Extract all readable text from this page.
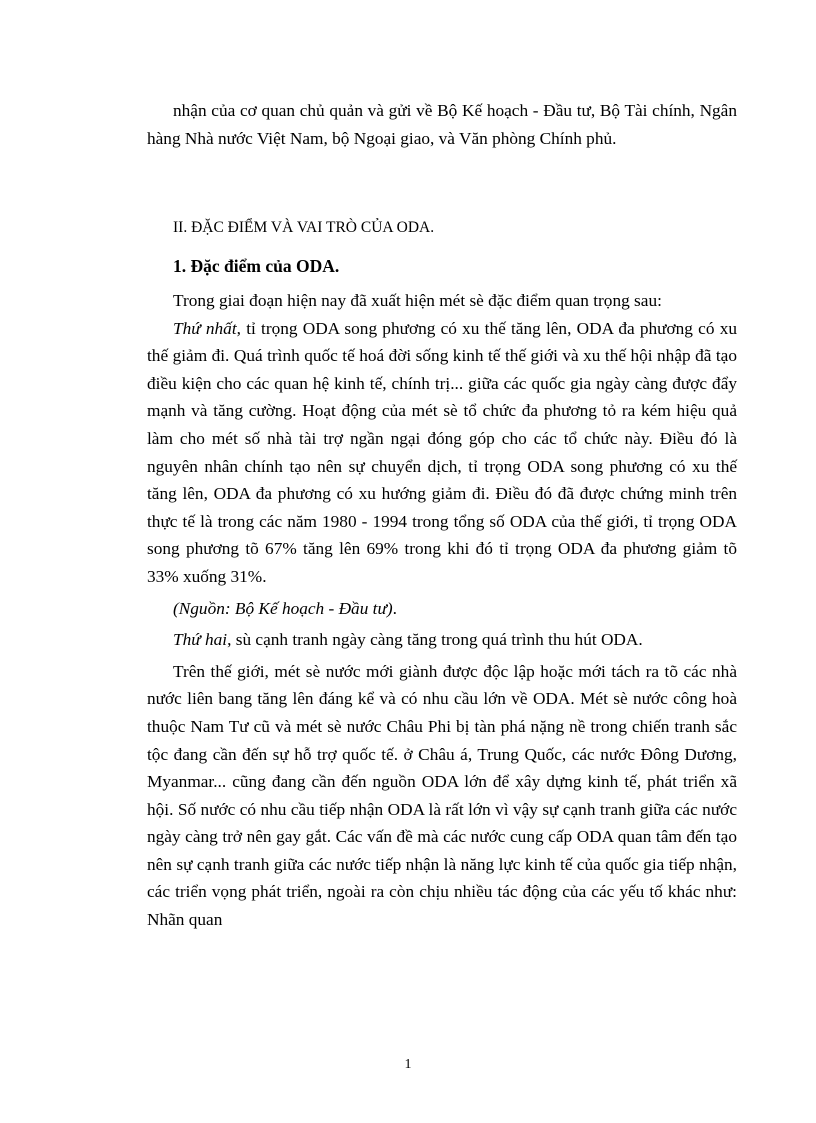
nhận của cơ quan chủ quản và gửi về Bộ Kế hoạch - Đầu tư, Bộ Tài chính, Ngân hàng Nhà nước Việt Nam, bộ Ngoại giao, và Văn phòng Chính phủ.

II. ĐẶC ĐIỂM VÀ VAI TRÒ CỦA ODA.

1. Đặc điểm của ODA.

Trong giai đoạn hiện nay đã xuất hiện mét sè đặc điểm quan trọng sau:

Thứ nhất, tỉ trọng ODA song phương có xu thế tăng lên, ODA đa phương có xu thế giảm đi. Quá trình quốc tế hoá đời sống kinh tế thế giới và xu thế hội nhập đã tạo điều kiện cho các quan hệ kinh tế, chính trị... giữa các quốc gia ngày càng được đẩy mạnh và tăng cường. Hoạt động của mét sè tổ chức đa phương tỏ ra kém hiệu quả làm cho mét số nhà tài trợ ngần ngại đóng góp cho các tổ chức này. Điều đó là nguyên nhân chính tạo nên sự chuyển dịch, tỉ trọng ODA song phương có xu thế tăng lên, ODA đa phương có xu hướng giảm đi. Điều đó đã được chứng minh trên thực tế là trong các năm 1980 - 1994 trong tổng số ODA của thế giới, tỉ trọng ODA song phương tõ 67% tăng lên 69% trong khi đó tỉ trọng ODA đa phương giảm tõ 33% xuống 31%.

(Nguồn: Bộ Kế hoạch - Đầu tư).

Thứ hai, sù cạnh tranh ngày càng tăng trong quá trình thu hút ODA.

Trên thế giới, mét sè nước mới giành được độc lập hoặc mới tách ra tõ các nhà nước liên bang tăng lên đáng kể và có nhu cầu lớn về ODA. Mét sè nước công hoà thuộc Nam Tư cũ và mét sè nước Châu Phi bị tàn phá nặng nề trong chiến tranh sắc tộc đang cần đến sự hỗ trợ quốc tế. ở Châu á, Trung Quốc, các nước Đông Dương, Myanmar... cũng đang cần đến nguồn ODA lớn để xây dựng kinh tế, phát triển xã hội. Số nước có nhu cầu tiếp nhận ODA là rất lớn vì vậy sự cạnh tranh giữa các nước ngày càng trở nên gay gắt. Các vấn đề mà các nước cung cấp ODA quan tâm đến tạo nên sự cạnh tranh giữa các nước tiếp nhận là năng lực kinh tế của quốc gia tiếp nhận, các triển vọng phát triển, ngoài ra còn chịu nhiều tác động của các yếu tố khác như: Nhãn quan

1
